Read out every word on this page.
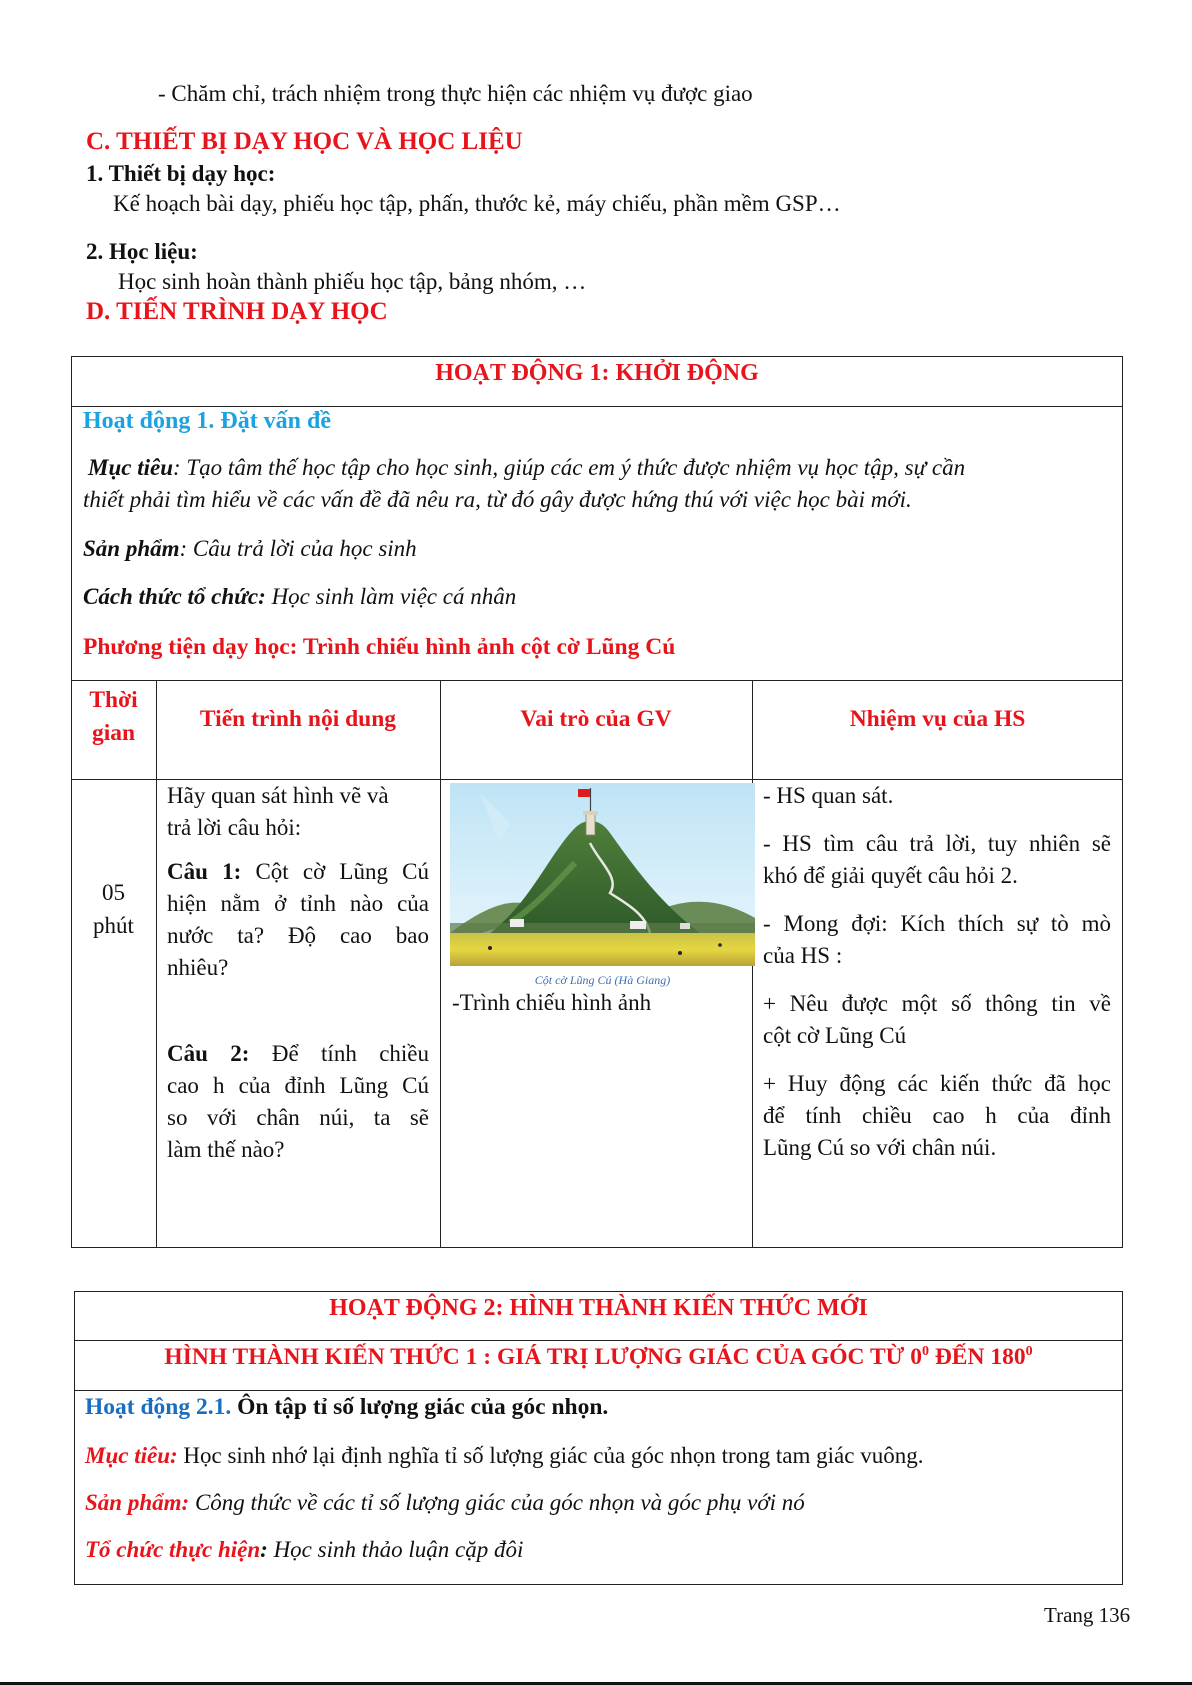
- Chăm chỉ, trách nhiệm trong thực hiện các nhiệm vụ được giao
C. THIẾT BỊ DẠY HỌC VÀ HỌC LIỆU
1. Thiết bị dạy học:
Kế hoạch bài dạy, phiếu học tập, phấn, thước kẻ, máy chiếu, phần mềm GSP…
2. Học liệu:
Học sinh hoàn thành phiếu học tập, bảng nhóm, …
D. TIẾN TRÌNH DẠY HỌC
HOẠT ĐỘNG 1: KHỞI ĐỘNG
Hoạt động 1. Đặt vấn đề
Mục tiêu: Tạo tâm thế học tập cho học sinh, giúp các em ý thức được nhiệm vụ học tập, sự cần
thiết phải tìm hiểu về các vấn đề đã nêu ra, từ đó gây được hứng thú với việc học bài mới.
Sản phẩm: Câu trả lời của học sinh
Cách thức tổ chức: Học sinh làm việc cá nhân
Phương tiện dạy học: Trình chiếu hình ảnh cột cờ Lũng Cú
Thời
gian
Tiến trình nội dung	Vai trò của GV	Nhiệm vụ của HS
05
phút
Hãy quan sát hình vẽ và
trả lời câu hỏi:
Câu 1: Cột cờ Lũng Cú
hiện nằm ở tỉnh nào của
nước ta? Độ cao bao
nhiêu?
Câu 2: Để tính chiều
cao h của đỉnh Lũng Cú
so với chân núi, ta sẽ
làm thế nào?
Cột cờ Lũng Cú (Hà Giang)
-Trình chiếu hình ảnh
- HS quan sát.
- HS tìm câu trả lời, tuy nhiên sẽ
khó để giải quyết câu hỏi 2.
- Mong đợi: Kích thích sự tò mò
của HS :
+ Nêu được một số thông tin về
cột cờ Lũng Cú
+ Huy động các kiến thức đã học
để tính chiều cao h của đỉnh
Lũng Cú so với chân núi.
HOẠT ĐỘNG 2: HÌNH THÀNH KIẾN THỨC MỚI
HÌNH THÀNH KIẾN THỨC 1 : GIÁ TRỊ LƯỢNG GIÁC CỦA GÓC TỪ $0^0$ ĐẾN $180^0$
Hoạt động 2.1. Ôn tập tỉ số lượng giác của góc nhọn.
Mục tiêu: Học sinh nhớ lại định nghĩa tỉ số lượng giác của góc nhọn trong tam giác vuông.
Sản phẩm: Công thức về các tỉ số lượng giác của góc nhọn và góc phụ với nó
Tổ chức thực hiện: Học sinh thảo luận cặp đôi
Trang 136
